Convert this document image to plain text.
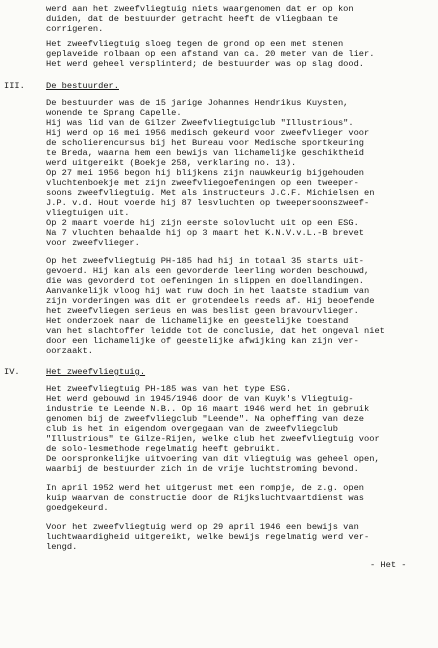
werd aan het zweefvliegtuig niets waargenomen dat er op kon

duiden, dat de bestuurder getracht heeft de vliegbaan te

corrigeren.

Het zweefvliegtuig sloeg tegen de grond op een met stenen

geplaveide rolbaan op een afstand van ca. 20 meter van de lier.

Het werd geheel versplinterd; de bestuurder was op slag dood.

III. De bestuurder.

De bestuurder was de 15 jarige Johannes Hendrikus Kuysten,

wonende te Sprang Capelle.

Hij was lid van de Gilzer Zweefvliegtuigclub "Illustrious".

Hij werd op 16 mei 1956 medisch gekeurd voor zweefvlieger voor

de scholierencursus bij het Bureau voor Medische sportkeuring

te Breda, waarna hem een bewijs van lichamelijke geschiktheid

werd uitgereikt (Boekje 258, verklaring no. 13).

Op 27 mei 1956 begon hij blijkens zijn nauwkeurig bijgehouden

vluchtenboekje met zijn zweefvliegoefeningen op een tweeper-

soons zweefvliegtuig. Met als instructeurs J.C.F. Michielsen en

J.P. v.d. Hout voerde hij 87 lesvluchten op tweepersoonszweef-

vliegtuigen uit.

Op 2 maart voerde hij zijn eerste solovlucht uit op een ESG.

Na 7 vluchten behaalde hij op 3 maart het K.N.V.v.L.-B brevet

voor zweefvlieger.

Op het zweefvliegtuig PH-185 had hij in totaal 35 starts uit-

gevoerd. Hij kan als een gevorderde leerling worden beschouwd,

die was gevorderd tot oefeningen in slippen en doellandingen.

Aanvankelijk vloog hij wat ruw doch in het laatste stadium van

zijn vorderingen was dit er grotendeels reeds af. Hij beoefende

het zweefvliegen serieus en was beslist geen bravourvlieger.

Het onderzoek naar de lichamelijke en geestelijke toestand

van het slachtoffer leidde tot de conclusie, dat het ongeval niet

door een lichamelijke of geestelijke afwijking kan zijn ver-

oorzaakt.

IV.	Het zweefvliegtuig.

Het zweefvliegtuig PH-185 was van het type ESG.

Het werd gebouwd in 1945/1946 door de van Kuyk's Vliegtuig-

industrie te Leende N.B.. Op 16 maart 1946 werd het in gebruik

genomen bij de zweefvliegclub "Leende". Na opheffing van deze

club is het in eigendom overgegaan van de zweefvliegclub

"Illustrious" te Gilze-Rijen, welke club het zweefvliegtuig voor

de solo-lesmethode regelmatig heeft gebruikt.

De oorspronkelijke uitvoering van dit vliegtuig was geheel open,

waarbij de bestuurder zich in de vrije luchtstroming bevond.

In april 1952 werd het uitgerust met een rompje, de z.g. open

kuip waarvan de constructie door de Rijksluchtvaartdienst was

goedgekeurd.

Voor het zweefvliegtuig werd op 29 april 1946 een bewijs van

luchtwaardigheid uitgereikt, welke bewijs regelmatig werd ver-

lengd.

- Het -
